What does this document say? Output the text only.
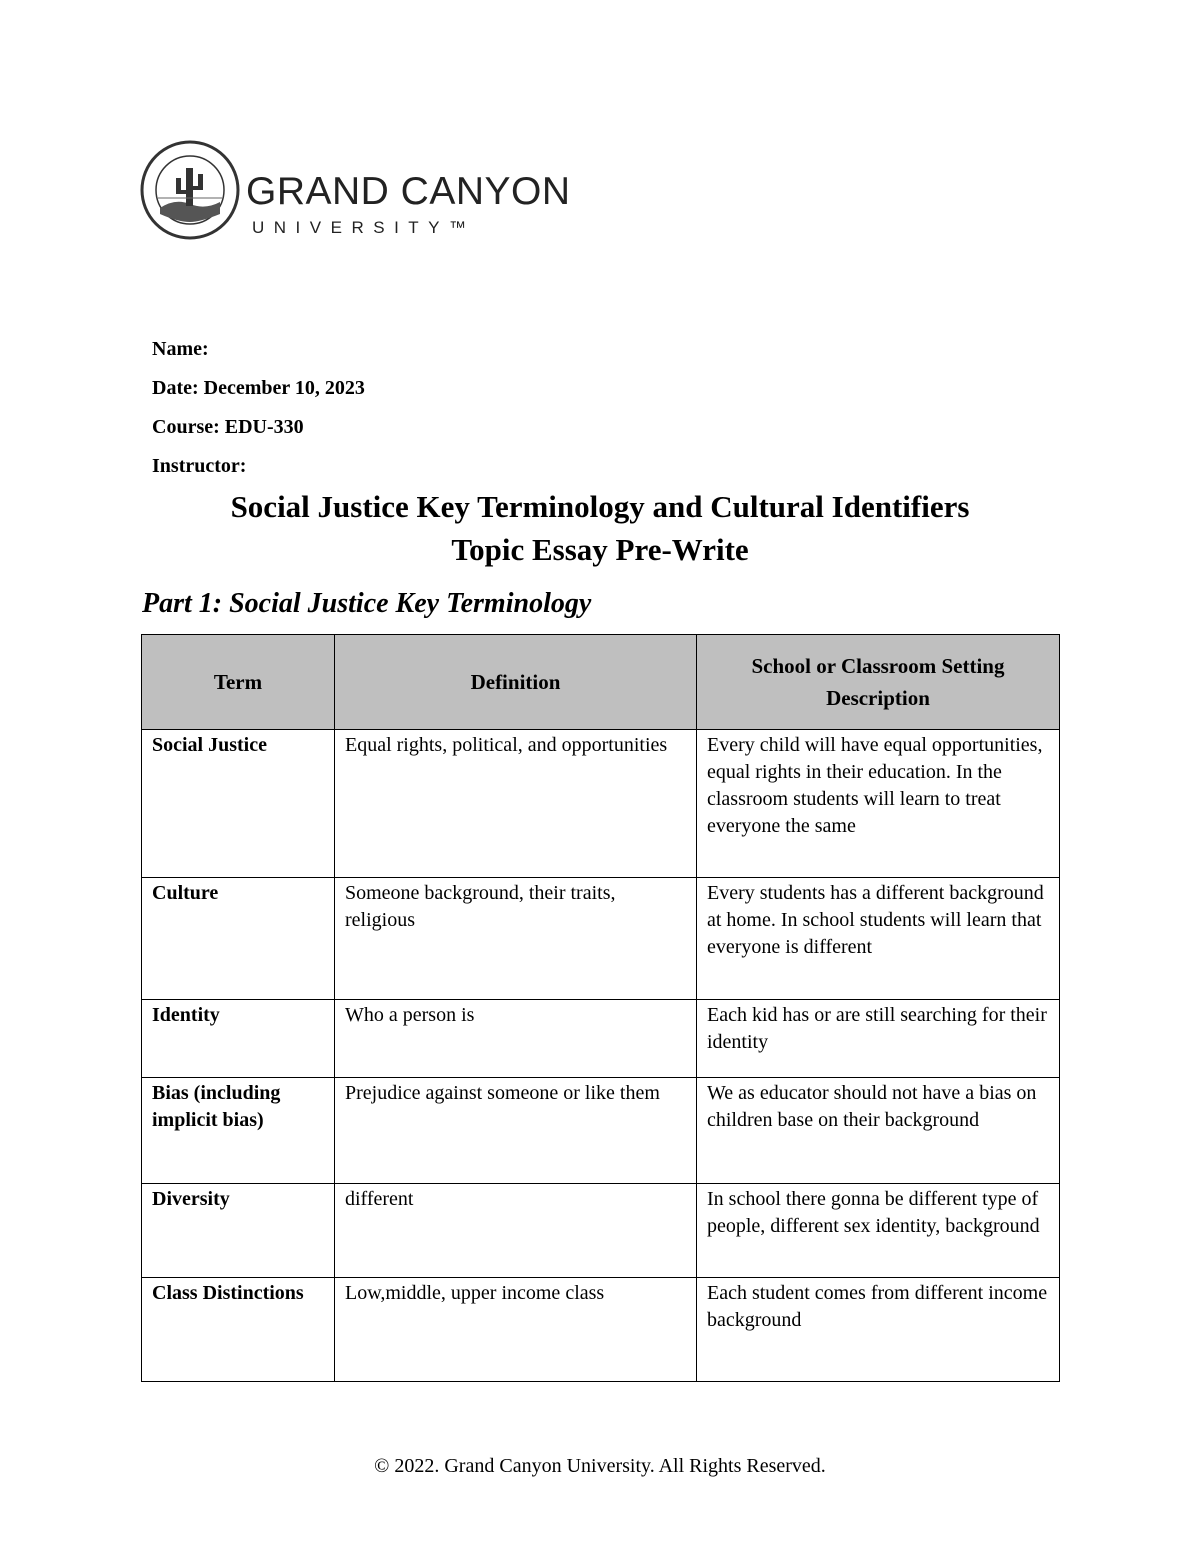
GRAND CANYON
UNIVERSITY™
Name:
Date: December 10, 2023
Course: EDU-330
Instructor:
Social Justice Key Terminology and Cultural Identifiers
Topic Essay Pre-Write
Part 1: Social Justice Key Terminology
Term	Definition	School or Classroom Setting Description
Social Justice	Equal rights, political, and opportunities	Every child will have equal opportunities, equal rights in their education. In the classroom students will learn to treat everyone the same
Culture	Someone background, their traits, religious	Every students has a different background at home. In school students will learn that everyone is different
Identity	Who a person is	Each kid has or are still searching for their identity
Bias (including implicit bias)	Prejudice against someone or like them	We as educator should not have a bias on children base on their background
Diversity	different	In school there gonna be different type of people, different sex identity, background
Class Distinctions	Low,middle, upper income class	Each student comes from different income background
© 2022. Grand Canyon University. All Rights Reserved.
